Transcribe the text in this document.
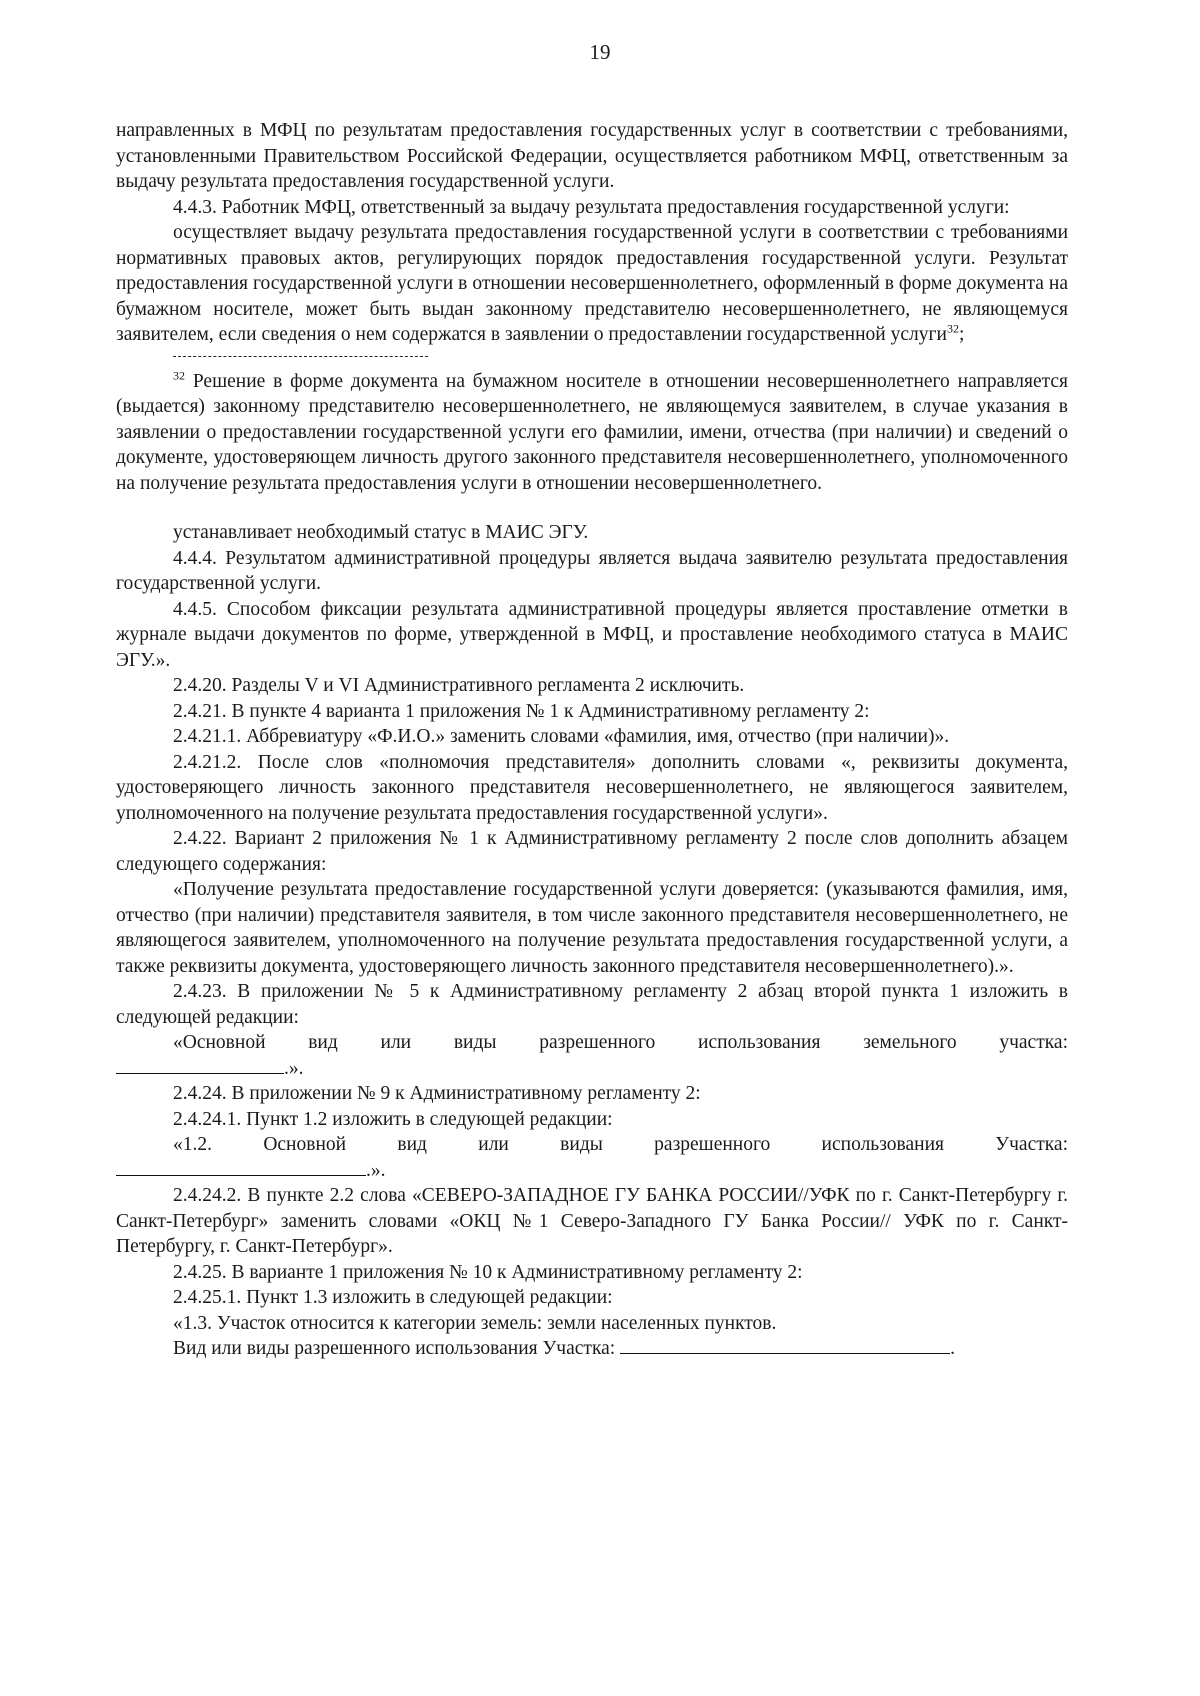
19

направленных в МФЦ по результатам предоставления государственных услуг в соответствии с требованиями, установленными Правительством Российской Федерации, осуществляется работником МФЦ, ответственным за выдачу результата предоставления государственной услуги.

4.4.3. Работник МФЦ, ответственный за выдачу результата предоставления государственной услуги:

осуществляет выдачу результата предоставления государственной услуги в соответствии с требованиями нормативных правовых актов, регулирующих порядок предоставления государственной услуги. Результат предоставления государственной услуги в отношении несовершеннолетнего, оформленный в форме документа на бумажном носителе, может быть выдан законному представителю несовершеннолетнего, не являющемуся заявителем, если сведения о нем содержатся в заявлении о предоставлении государственной услуги$^{32}$;

$^{32}$ Решение в форме документа на бумажном носителе в отношении несовершеннолетнего направляется (выдается) законному представителю несовершеннолетнего, не являющемуся заявителем, в случае указания в заявлении о предоставлении государственной услуги его фамилии, имени, отчества (при наличии) и сведений о документе, удостоверяющем личность другого законного представителя несовершеннолетнего, уполномоченного на получение результата предоставления услуги в отношении несовершеннолетнего.

устанавливает необходимый статус в МАИС ЭГУ.

4.4.4. Результатом административной процедуры является выдача заявителю результата предоставления государственной услуги.

4.4.5. Способом фиксации результата административной процедуры является проставление отметки в журнале выдачи документов по форме, утвержденной в МФЦ, и проставление необходимого статуса в МАИС ЭГУ.».

2.4.20. Разделы V и VI Административного регламента 2 исключить.

2.4.21. В пункте 4 варианта 1 приложения № 1 к Административному регламенту 2:

2.4.21.1. Аббревиатуру «Ф.И.О.» заменить словами «фамилия, имя, отчество (при наличии)».

2.4.21.2. После слов «полномочия представителя» дополнить словами «, реквизиты документа, удостоверяющего личность законного представителя несовершеннолетнего, не являющегося заявителем, уполномоченного на получение результата предоставления государственной услуги».

2.4.22. Вариант 2 приложения № 1 к Административному регламенту 2 после слов дополнить абзацем следующего содержания:

«Получение результата предоставление государственной услуги доверяется: (указываются фамилия, имя, отчество (при наличии) представителя заявителя, в том числе законного представителя несовершеннолетнего, не являющегося заявителем, уполномоченного на получение результата предоставления государственной услуги, а также реквизиты документа, удостоверяющего личность законного представителя несовершеннолетнего).».

2.4.23. В приложении № 5 к Административному регламенту 2 абзац второй пункта 1 изложить в следующей редакции:

«Основной вид или виды разрешенного использования земельного участка:

.».

2.4.24. В приложении № 9 к Административному регламенту 2:

2.4.24.1. Пункт 1.2 изложить в следующей редакции:

«1.2. Основной вид или виды разрешенного использования Участка:

.».

2.4.24.2. В пункте 2.2 слова «СЕВЕРО-ЗАПАДНОЕ ГУ БАНКА РОССИИ//УФК по г. Санкт-Петербургу г. Санкт-Петербург» заменить словами «ОКЦ №1 Северо-Западного ГУ Банка России// УФК по г. Санкт-Петербургу, г. Санкт-Петербург».

2.4.25. В варианте 1 приложения № 10 к Административному регламенту 2:

2.4.25.1. Пункт 1.3 изложить в следующей редакции:

«1.3. Участок относится к категории земель: земли населенных пунктов.

Вид или виды разрешенного использования Участка:	.
